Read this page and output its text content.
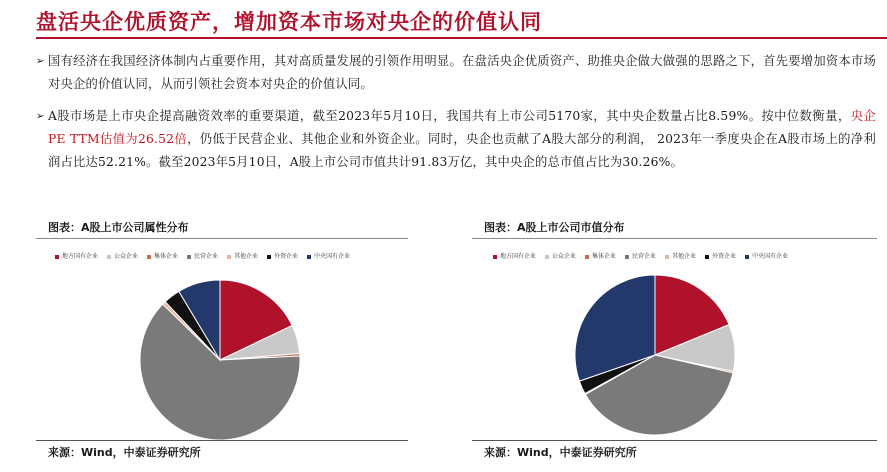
盘活央企优质资产，增加资本市场对央企的价值认同
➢ 国有经济在我国经济体制内占重要作用，其对高质量发展的引领作用明显。在盘活央企优质资产、助推央企做大做强的思路之下，首先要增加资本市场对央企的价值认同，从而引领社会资本对央企的价值认同。
➢ A股市场是上市央企提高融资效率的重要渠道，截至2023年5月10日，我国共有上市公司5170家，其中央企数量占比8.59%。按中位数衡量，央企PE TTM估值为26.52倍，仍低于民营企业、其他企业和外资企业。同时，央企也贡献了A股大部分的利润， 2023年一季度央企在A股市场上的净利润占比达52.21%。截至2023年5月10日，A股上市公司市值共计91.83万亿，其中央企的总市值占比为30.26%。
图表：A股上市公司属性分布
地方国有企业	公众企业	集体企业	民营企业	其他企业	外资企业	中央国有企业
来源：Wind，中泰证券研究所
图表：A股上市公司市值分布
地方国有企业	公众企业	集体企业	民营企业	其他企业	外资企业	中央国有企业
来源：Wind，中泰证券研究所
